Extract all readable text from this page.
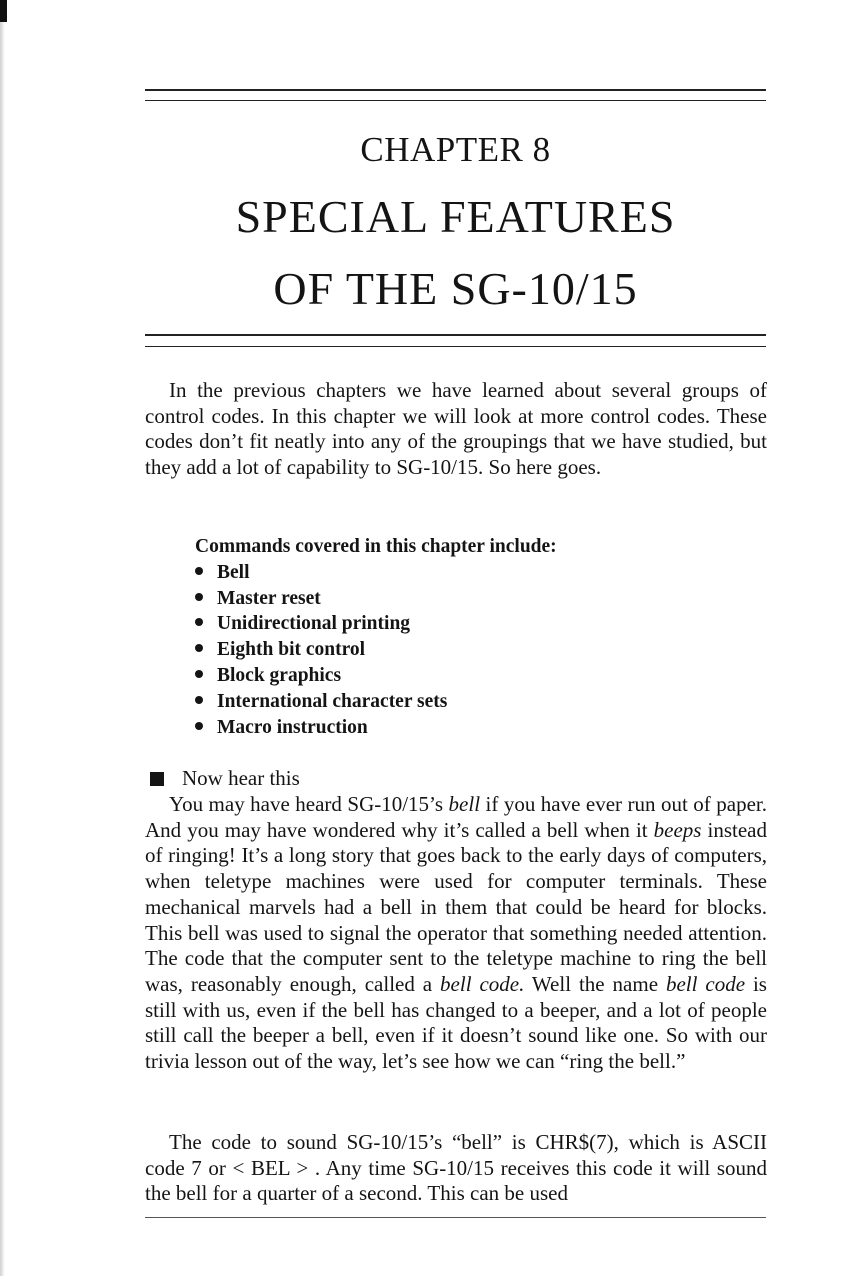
CHAPTER 8
SPECIAL FEATURES
OF THE SG-10/15

In the previous chapters we have learned about several groups of control codes. In this chapter we will look at more control codes. These codes don’t fit neatly into any of the groupings that we have studied, but they add a lot of capability to SG-10/15. So here goes.

Commands covered in this chapter include:

Bell
Master reset
Unidirectional printing
Eighth bit control
Block graphics
International character sets
Macro instruction
Now hear this

You may have heard SG-10/15’s bell if you have ever run out of paper. And you may have wondered why it’s called a bell when it beeps instead of ringing! It’s a long story that goes back to the early days of computers, when teletype machines were used for computer terminals. These mechanical marvels had a bell in them that could be heard for blocks. This bell was used to signal the operator that something needed attention. The code that the computer sent to the teletype machine to ring the bell was, reasonably enough, called a bell code. Well the name bell code is still with us, even if the bell has changed to a beeper, and a lot of people still call the beeper a bell, even if it doesn’t sound like one. So with our trivia lesson out of the way, let’s see how we can “ring the bell.”

The code to sound SG-10/15’s “bell” is CHR$(7), which is ASCII code 7 or < BEL > . Any time SG-10/15 receives this code it will sound the bell for a quarter of a second. This can be used
